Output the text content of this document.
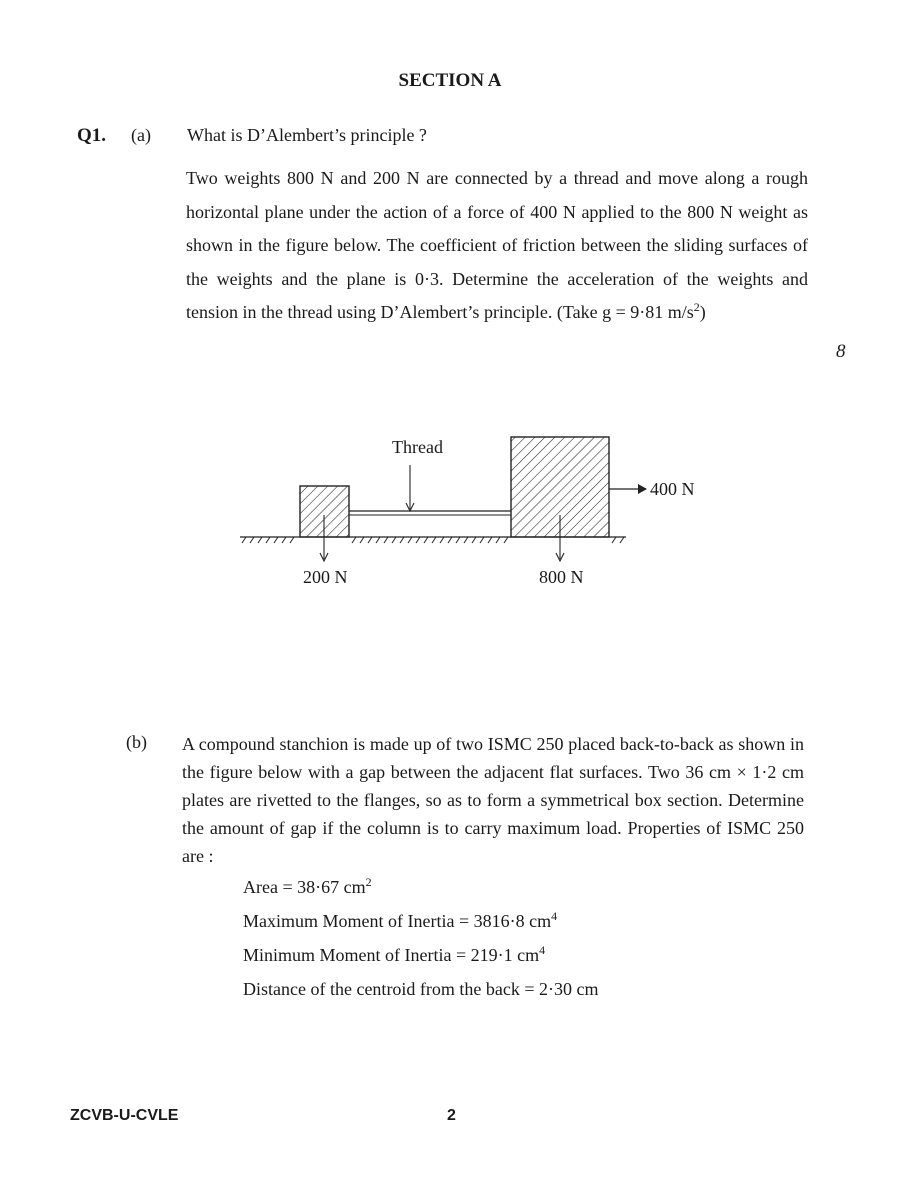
SECTION A
Q1. (a) What is D’Alembert’s principle ?
Two weights 800 N and 200 N are connected by a thread and move along a rough horizontal plane under the action of a force of 400 N applied to the 800 N weight as shown in the figure below. The coefficient of friction between the sliding surfaces of the weights and the plane is 0·3. Determine the acceleration of the weights and tension in the thread using D’Alembert’s principle. (Take g = 9·81 $m/s^2$)
8
Thread
400 N
200 N	800 N
(b) A compound stanchion is made up of two ISMC 250 placed back-to-back as shown in the figure below with a gap between the adjacent flat surfaces. Two 36 cm × 1·2 cm plates are rivetted to the flanges, so as to form a symmetrical box section. Determine the amount of gap if the column is to carry maximum load. Properties of ISMC 250 are :
Area = 38·67 $cm^2$
Maximum Moment of Inertia = 3816·8 $cm^4$
Minimum Moment of Inertia = 219·1 $cm^4$
Distance of the centroid from the back = 2·30 cm
ZCVB-U-CVLE	2
